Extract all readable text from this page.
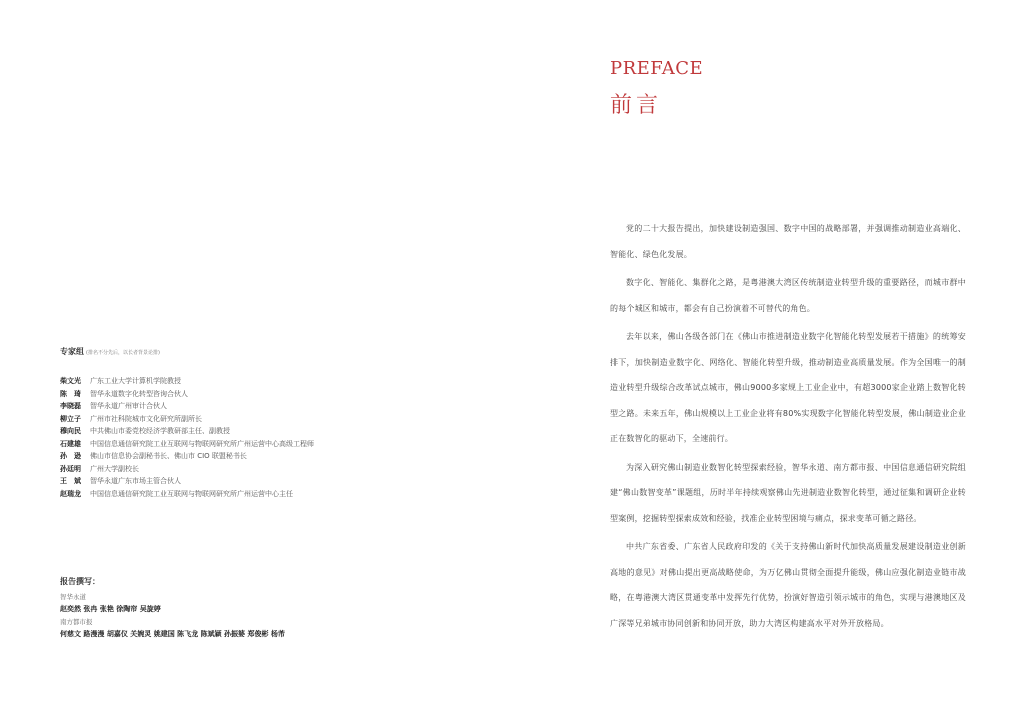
专家组 (排名不分先后，以长者背景论排)
柴文光	广东工业大学计算机学院教授
陈　琦	智华永道数字化转型咨询合伙人
李晓磊	智华永道广州审计合伙人
柳立子	广州市社科院城市文化研究所副所长
穆向民	中共佛山市委党校经济学教研部主任、副教授
石建雄	中国信息通信研究院工业互联网与物联网研究所广州运营中心高级工程师
孙　逊	佛山市信息协会副秘书长、佛山市 CIO 联盟秘书长
孙廷明	广州大学副校长
王　斌	智华永道广东市场主管合伙人
赵瑞龙	中国信息通信研究院工业互联网与物联网研究所广州运营中心主任
报告撰写：
智华永道
赵奕然 张冉 张艳 徐陶帘 吴旋婷
南方都市报
何慈文 路漫漫 胡嘉仪 关婉灵 姚建国 陈飞龙 陈斌颖 孙振婆 郑俊彬 杨芾
PREFACE
前言

党的二十大报告提出，加快建设制造强国、数字中国的战略部署，并强调推动制造业高端化、智能化、绿色化发展。

数字化、智能化、集群化之路，是粤港澳大湾区传统制造业转型升级的重要路径，而城市群中的每个城区和城市，都会有自己扮演着不可替代的角色。

去年以来，佛山各级各部门在《佛山市推进制造业数字化智能化转型发展若干措施》的统筹安排下，加快制造业数字化、网络化、智能化转型升级，推动制造业高质量发展。作为全国唯一的制造业转型升级综合改革试点城市，佛山9000多家规上工业企业中，有超3000家企业踏上数智化转型之路。未来五年，佛山规模以上工业企业将有80%实现数字化智能化转型发展，佛山制造业企业正在数智化的驱动下，全速前行。

为深入研究佛山制造业数智化转型探索经验，智华永道、南方都市报、中国信息通信研究院组建“佛山数智变革”课题组，历时半年持续观察佛山先进制造业数智化转型，通过征集和调研企业转型案例，挖掘转型探索成效和经验，找准企业转型困境与痛点，探求变革可循之路径。

中共广东省委、广东省人民政府印发的《关于支持佛山新时代加快高质量发展建设制造业创新高地的意见》对佛山提出更高战略使命，为万亿佛山贯彻全面提升能级，佛山应强化制造业链市战略，在粤港澳大湾区贯通变革中发挥先行优势，扮演好智造引领示城市的角色，实现与港澳地区及广深等兄弟城市协同创新和协同开放，助力大湾区构建高水平对外开放格局。
